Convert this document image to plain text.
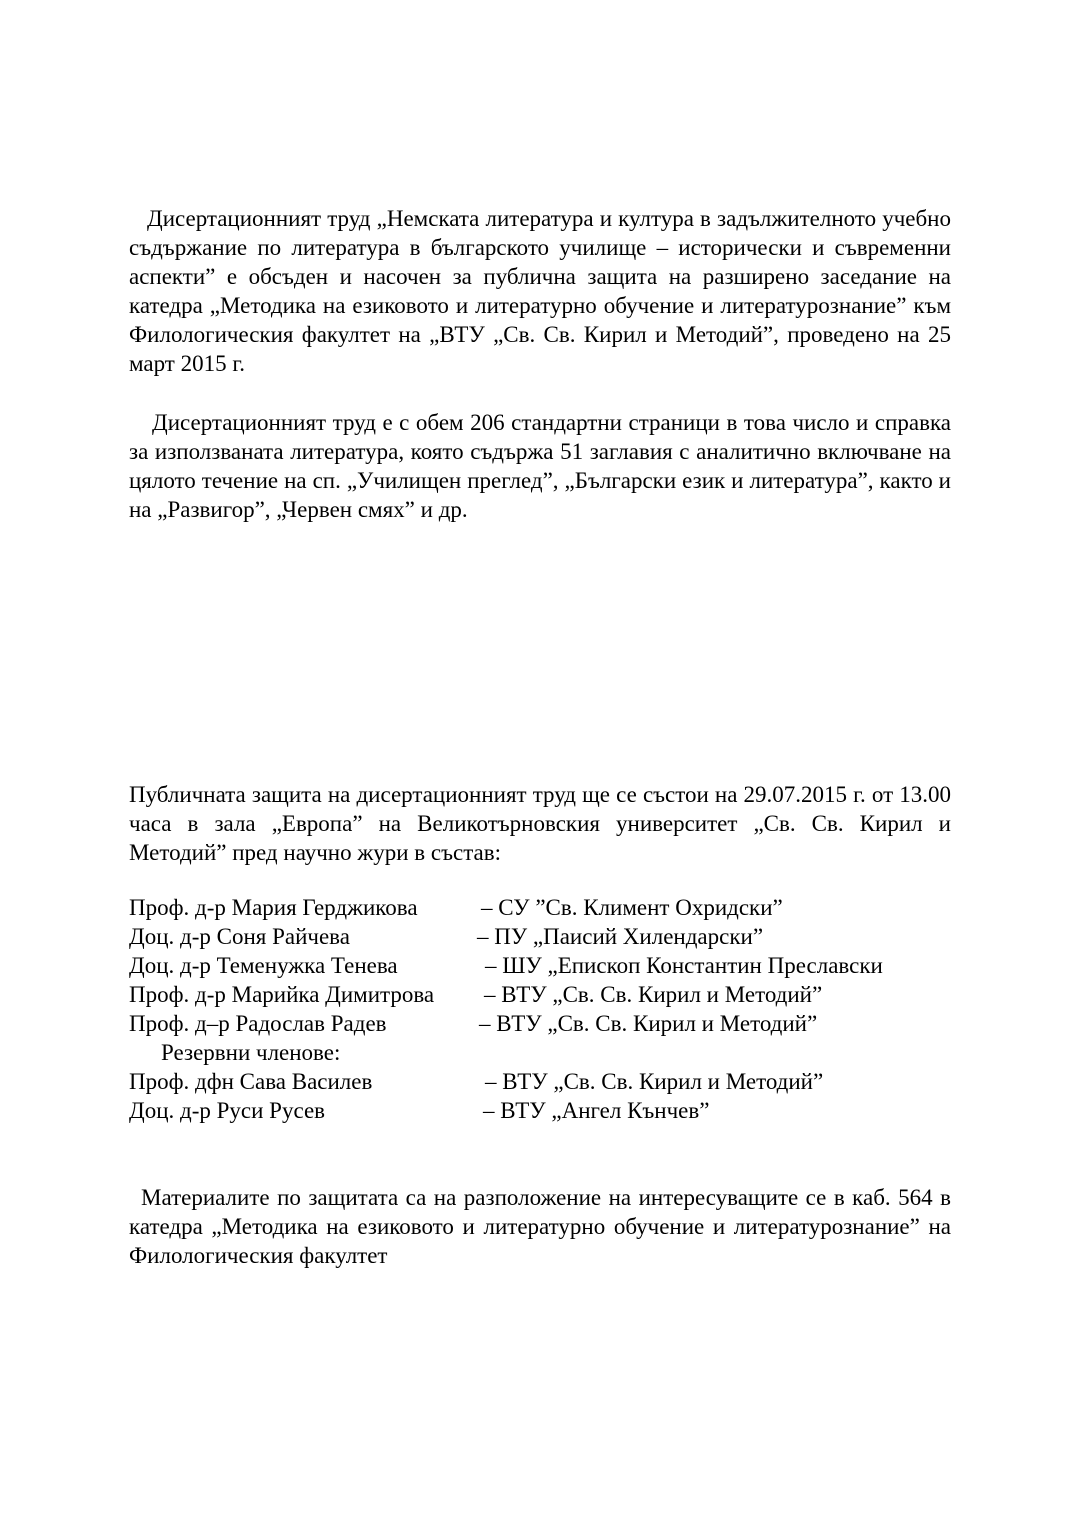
Дисертационният труд „Немската литература и култура в задължителното учебно съдържание по литература в българското училище – исторически и съвременни аспекти” е обсъден и насочен за публична защита на разширено заседание на катедра „Методика на езиковото и литературно обучение и литературознание” към Филологическия факултет на „ВТУ „Св. Св. Кирил и Методий”, проведено на 25 март 2015 г.

Дисертационният труд е с обем 206 стандартни страници в това число и справка за използваната литература, която съдържа 51 заглавия с аналитично включване на цялото течение на сп. „Училищен преглед”, „Български език и литература”, както и на „Развигор”, „Червен смях” и др.

Публичната защита на дисертационният труд ще се състои на 29.07.2015 г. от 13.00 часа в зала „Европа” на Великотърновския университет „Св. Св. Кирил и Методий” пред научно жури в състав:

Проф. д-р Мария Герджикова	– СУ ”Св. Климент Охридски”
Доц. д-р Соня Райчева	– ПУ „Паисий Хилендарски”
Доц. д-р Теменужка Тенева	– ШУ „Епископ Константин Преславски
Проф. д-р Марийка Димитрова – ВТУ „Св. Св. Кирил и Методий”
Проф. д–р Радослав Радев	– ВТУ „Св. Св. Кирил и Методий”
Резервни членове:
Проф. дфн Сава Василев	– ВТУ „Св. Св. Кирил и Методий”
Доц. д-р Руси Русев	– ВТУ „Ангел Кънчев”

Материалите по защитата са на разположение на интересуващите се в каб. 564 в катедра „Методика на езиковото и литературно обучение и литературознание” на Филологическия факултет
